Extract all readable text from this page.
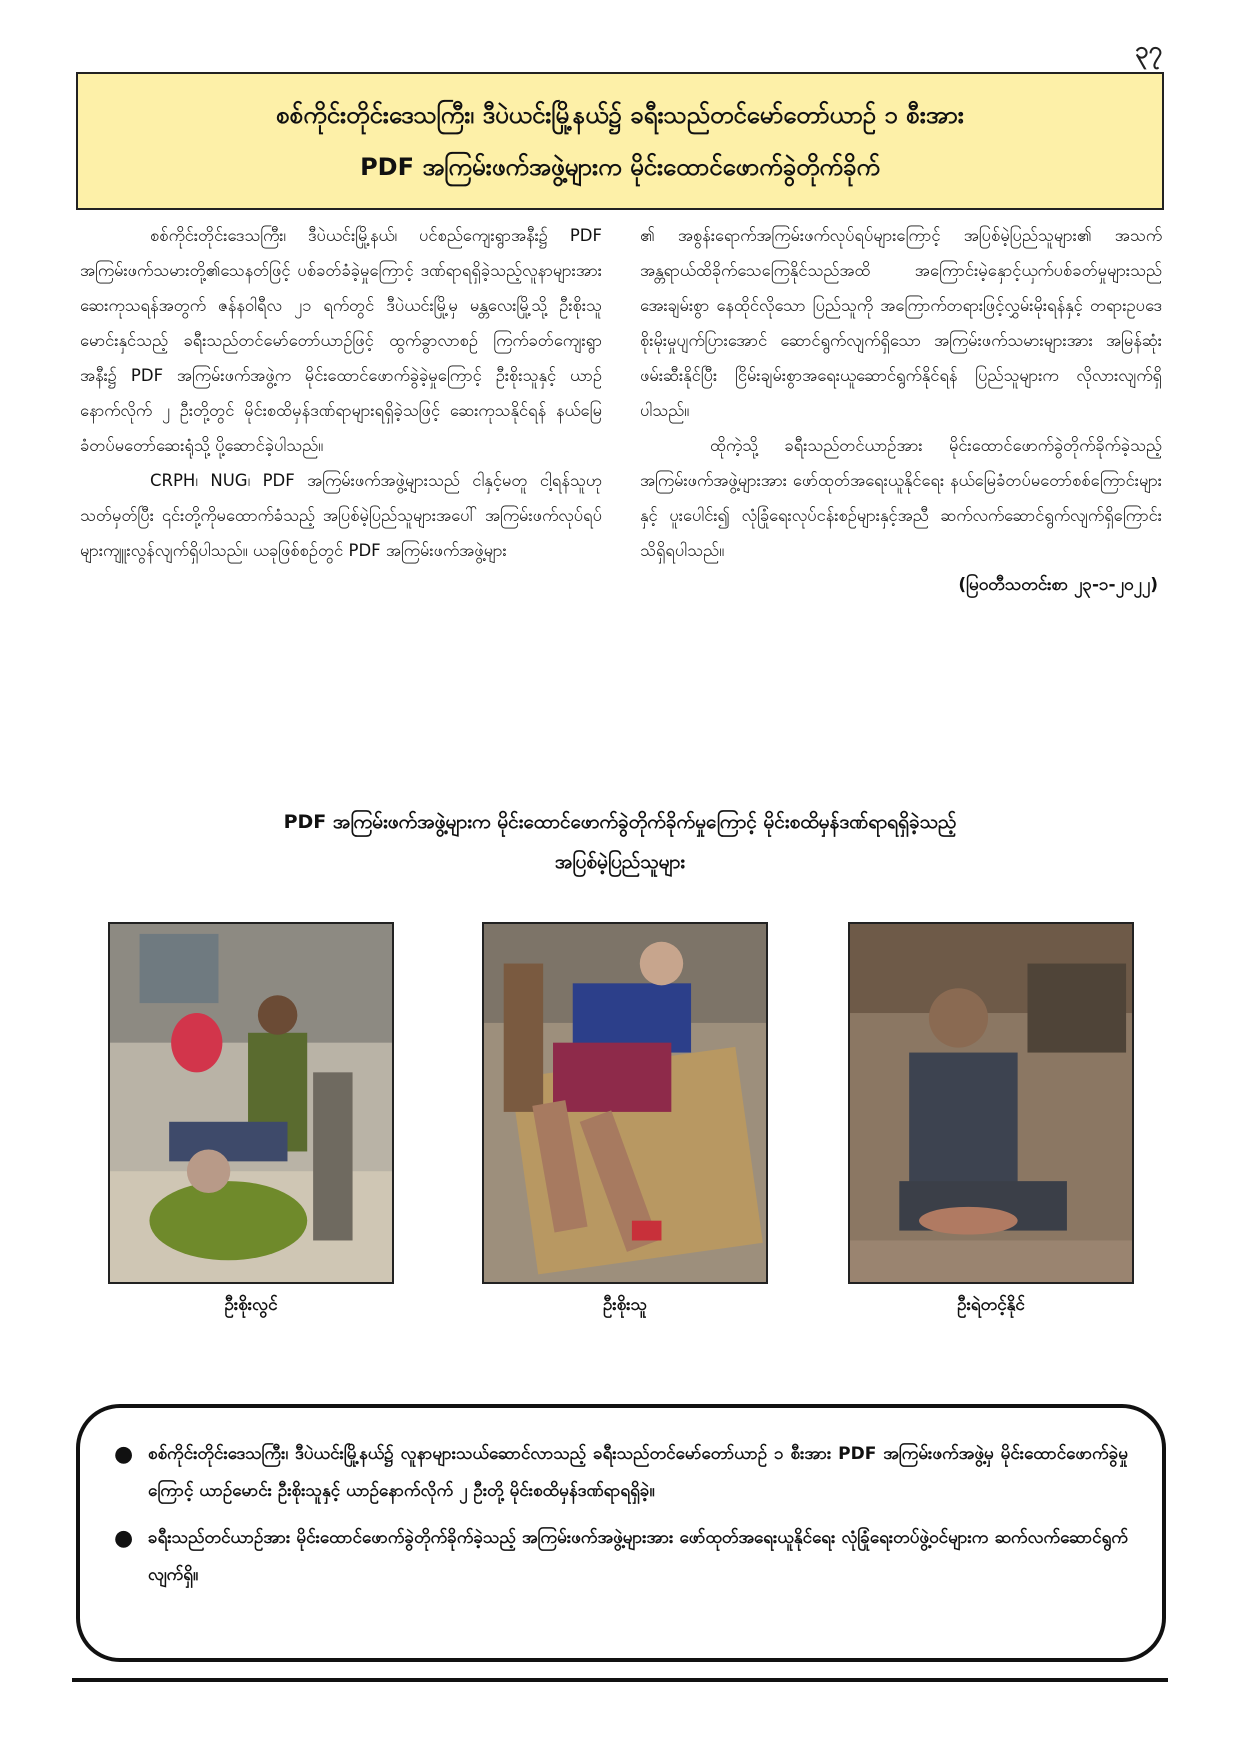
၃၇
စစ်ကိုင်းတိုင်းဒေသကြီး၊ ဒီပဲယင်းမြို့နယ်၌ ခရီးသည်တင်မော်တော်ယာဉ် ၁ စီးအား
PDF အကြမ်းဖက်အဖွဲ့များက မိုင်းထောင်ဖောက်ခွဲတိုက်ခိုက်

စစ်ကိုင်းတိုင်းဒေသကြီး၊ ဒီပဲယင်းမြို့နယ်၊ ပင်စည်ကျေးရွာအနီး၌ PDF အကြမ်းဖက်သမားတို့၏သေနတ်ဖြင့် ပစ်ခတ်ခံခဲ့မှုကြောင့် ဒဏ်ရာရရှိခဲ့သည့်လူနာများအား ဆေးကုသရန်အတွက် ဇန်နဝါရီလ ၂၁ ရက်တွင် ဒီပဲယင်းမြို့မှ မန္တလေးမြို့သို့ ဦးစိုးသူ မောင်းနှင်သည့် ခရီးသည်တင်မော်တော်ယာဉ်ဖြင့် ထွက်ခွာလာစဉ် ကြက်ခတ်ကျေးရွာအနီး၌ PDF အကြမ်းဖက်အဖွဲ့က မိုင်းထောင်ဖောက်ခွဲခဲ့မှုကြောင့် ဦးစိုးသူနှင့် ယာဉ်နောက်လိုက် ၂ ဦးတို့တွင် မိုင်းစထိမှန်ဒဏ်ရာများရရှိခဲ့သဖြင့် ဆေးကုသနိုင်ရန် နယ်မြေခံတပ်မတော်ဆေးရုံသို့ ပို့ဆောင်ခဲ့ပါသည်။

CRPH၊ NUG၊ PDF အကြမ်းဖက်အဖွဲ့များသည် ငါနှင့်မတူ ငါ့ရန်သူဟု သတ်မှတ်ပြီး ၎င်းတို့ကိုမထောက်ခံသည့် အပြစ်မဲ့ပြည်သူများအပေါ် အကြမ်းဖက်လုပ်ရပ်များကျူးလွန်လျက်ရှိပါသည်။ ယခုဖြစ်စဉ်တွင် PDF အကြမ်းဖက်အဖွဲ့များ

၏ အစွန်းရောက်အကြမ်းဖက်လုပ်ရပ်များကြောင့် အပြစ်မဲ့ပြည်သူများ၏ အသက်အန္တရာယ်ထိခိုက်သေကြေနိုင်သည်အထိ အကြောင်းမဲ့နှောင့်ယှက်ပစ်ခတ်မှုများသည် အေးချမ်းစွာ နေထိုင်လိုသော ပြည်သူကို အကြောက်တရားဖြင့်လွှမ်းမိုးရန်နှင့် တရားဥပဒေစိုးမိုးမှုပျက်ပြားအောင် ဆောင်ရွက်လျက်ရှိသော အကြမ်းဖက်သမားများအား အမြန်ဆုံးဖမ်းဆီးနိုင်ပြီး ငြိမ်းချမ်းစွာအရေးယူဆောင်ရွက်နိုင်ရန် ပြည်သူများက လိုလားလျက်ရှိပါသည်။

ထိုကဲ့သို့ ခရီးသည်တင်ယာဉ်အား မိုင်းထောင်ဖောက်ခွဲတိုက်ခိုက်ခဲ့သည့် အကြမ်းဖက်အဖွဲ့များအား ဖော်ထုတ်အရေးယူနိုင်ရေး နယ်မြေခံတပ်မတော်စစ်ကြောင်းများနှင့် ပူးပေါင်း၍ လုံခြုံရေးလုပ်ငန်းစဉ်များနှင့်အညီ ဆက်လက်ဆောင်ရွက်လျက်ရှိကြောင်း သိရှိရပါသည်။

(မြဝတီသတင်းစာ ၂၃-၁-၂၀၂၂)

PDF အကြမ်းဖက်အဖွဲ့များက မိုင်းထောင်ဖောက်ခွဲတိုက်ခိုက်မှုကြောင့် မိုင်းစထိမှန်ဒဏ်ရာရရှိခဲ့သည့်
အပြစ်မဲ့ပြည်သူများ
ဦးစိုးလွင်	ဦးစိုးသူ	ဦးရဲတင့်နိုင်
● စစ်ကိုင်းတိုင်းဒေသကြီး၊ ဒီပဲယင်းမြို့နယ်၌ လူနာများသယ်ဆောင်လာသည့် ခရီးသည်တင်မော်တော်ယာဉ် ၁ စီးအား PDF အကြမ်းဖက်အဖွဲ့မှ မိုင်းထောင်ဖောက်ခွဲမှုကြောင့် ယာဉ်မောင်း ဦးစိုးသူနှင့် ယာဉ်နောက်လိုက် ၂ ဦးတို့ မိုင်းစထိမှန်ဒဏ်ရာရရှိခဲ့။
● ခရီးသည်တင်ယာဉ်အား မိုင်းထောင်ဖောက်ခွဲတိုက်ခိုက်ခဲ့သည့် အကြမ်းဖက်အဖွဲ့များအား ဖော်ထုတ်အရေးယူနိုင်ရေး လုံခြုံရေးတပ်ဖွဲ့ဝင်များက ဆက်လက်ဆောင်ရွက်လျက်ရှိ။
